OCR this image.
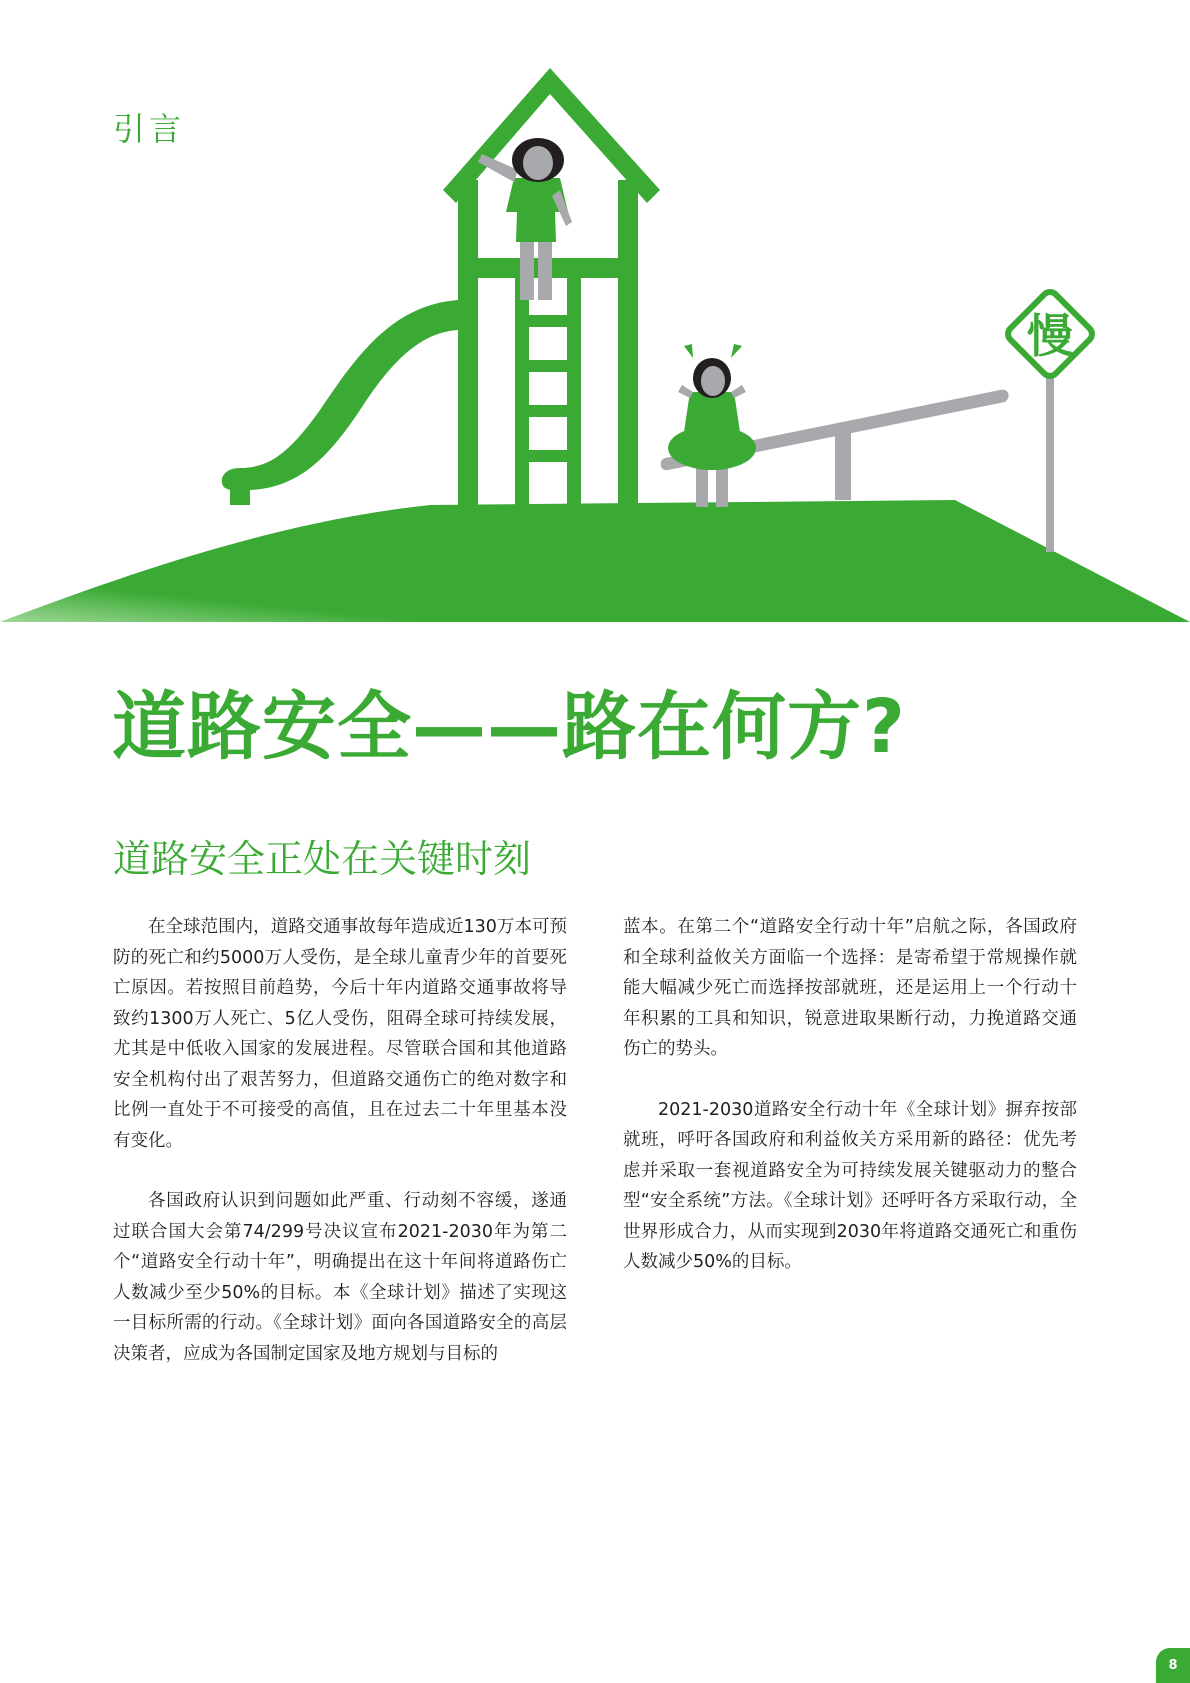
引言
慢
道路安全——路在何方?
道路安全正处在关键时刻

在全球范围内，道路交通事故每年造成近130万本可预防的死亡和约5000万人受伤，是全球儿童青少年的首要死亡原因。若按照目前趋势，今后十年内道路交通事故将导致约1300万人死亡、5亿人受伤，阻碍全球可持续发展，尤其是中低收入国家的发展进程。尽管联合国和其他道路安全机构付出了艰苦努力，但道路交通伤亡的绝对数字和比例一直处于不可接受的高值，且在过去二十年里基本没有变化。

各国政府认识到问题如此严重、行动刻不容缓，遂通过联合国大会第74/299号决议宣布2021-2030年为第二个“道路安全行动十年”，明确提出在这十年间将道路伤亡人数减少至少50%的目标。本《全球计划》描述了实现这一目标所需的行动。《全球计划》面向各国道路安全的高层决策者，应成为各国制定国家及地方规划与目标的

蓝本。在第二个“道路安全行动十年”启航之际，各国政府和全球利益攸关方面临一个选择：是寄希望于常规操作就能大幅减少死亡而选择按部就班，还是运用上一个行动十年积累的工具和知识，锐意进取果断行动，力挽道路交通伤亡的势头。

2021-2030道路安全行动十年《全球计划》摒弃按部就班，呼吁各国政府和利益攸关方采用新的路径：优先考虑并采取一套视道路安全为可持续发展关键驱动力的整合型“安全系统”方法。《全球计划》还呼吁各方采取行动，全世界形成合力，从而实现到2030年将道路交通死亡和重伤人数减少50%的目标。

8
